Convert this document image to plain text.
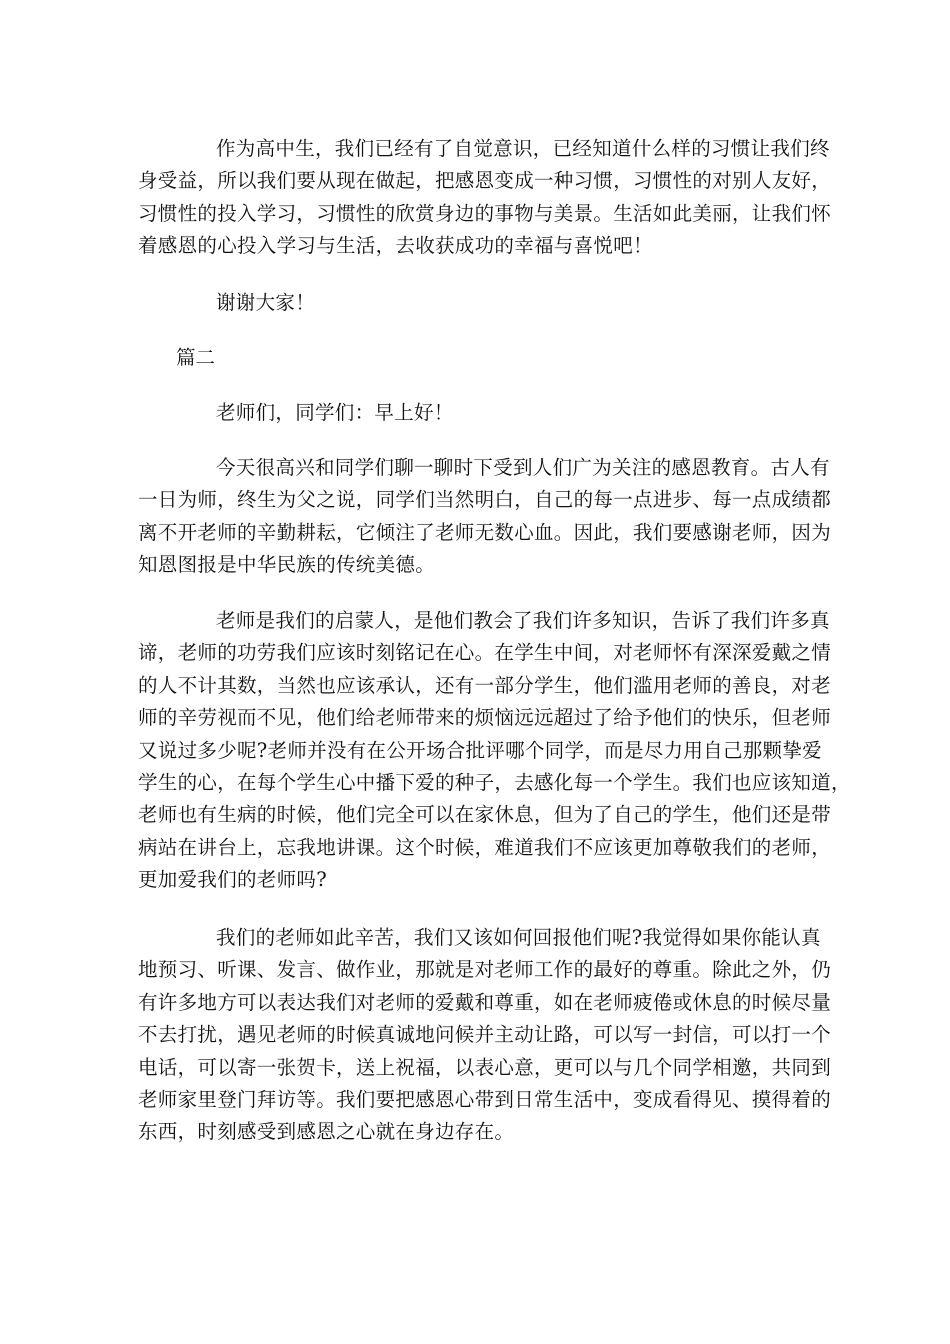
作为高中生，我们已经有了自觉意识，已经知道什么样的习惯让我们终
身受益，所以我们要从现在做起，把感恩变成一种习惯，习惯性的对别人友好，
习惯性的投入学习，习惯性的欣赏身边的事物与美景。生活如此美丽，让我们怀
着感恩的心投入学习与生活，去收获成功的幸福与喜悦吧！

谢谢大家！

篇二

老师们，同学们：早上好！

今天很高兴和同学们聊一聊时下受到人们广为关注的感恩教育。古人有
一日为师，终生为父之说，同学们当然明白，自己的每一点进步、每一点成绩都
离不开老师的辛勤耕耘，它倾注了老师无数心血。因此，我们要感谢老师，因为
知恩图报是中华民族的传统美德。

老师是我们的启蒙人，是他们教会了我们许多知识，告诉了我们许多真
谛，老师的功劳我们应该时刻铭记在心。在学生中间，对老师怀有深深爱戴之情
的人不计其数，当然也应该承认，还有一部分学生，他们滥用老师的善良，对老
师的辛劳视而不见，他们给老师带来的烦恼远远超过了给予他们的快乐，但老师
又说过多少呢?老师并没有在公开场合批评哪个同学，而是尽力用自己那颗挚爱
学生的心，在每个学生心中播下爱的种子，去感化每一个学生。我们也应该知道，
老师也有生病的时候，他们完全可以在家休息，但为了自己的学生，他们还是带
病站在讲台上，忘我地讲课。这个时候，难道我们不应该更加尊敬我们的老师，
更加爱我们的老师吗?

我们的老师如此辛苦，我们又该如何回报他们呢?我觉得如果你能认真
地预习、听课、发言、做作业，那就是对老师工作的最好的尊重。除此之外，仍
有许多地方可以表达我们对老师的爱戴和尊重，如在老师疲倦或休息的时候尽量
不去打扰，遇见老师的时候真诚地问候并主动让路，可以写一封信，可以打一个
电话，可以寄一张贺卡，送上祝福，以表心意，更可以与几个同学相邀，共同到
老师家里登门拜访等。我们要把感恩心带到日常生活中，变成看得见、摸得着的
东西，时刻感受到感恩之心就在身边存在。
